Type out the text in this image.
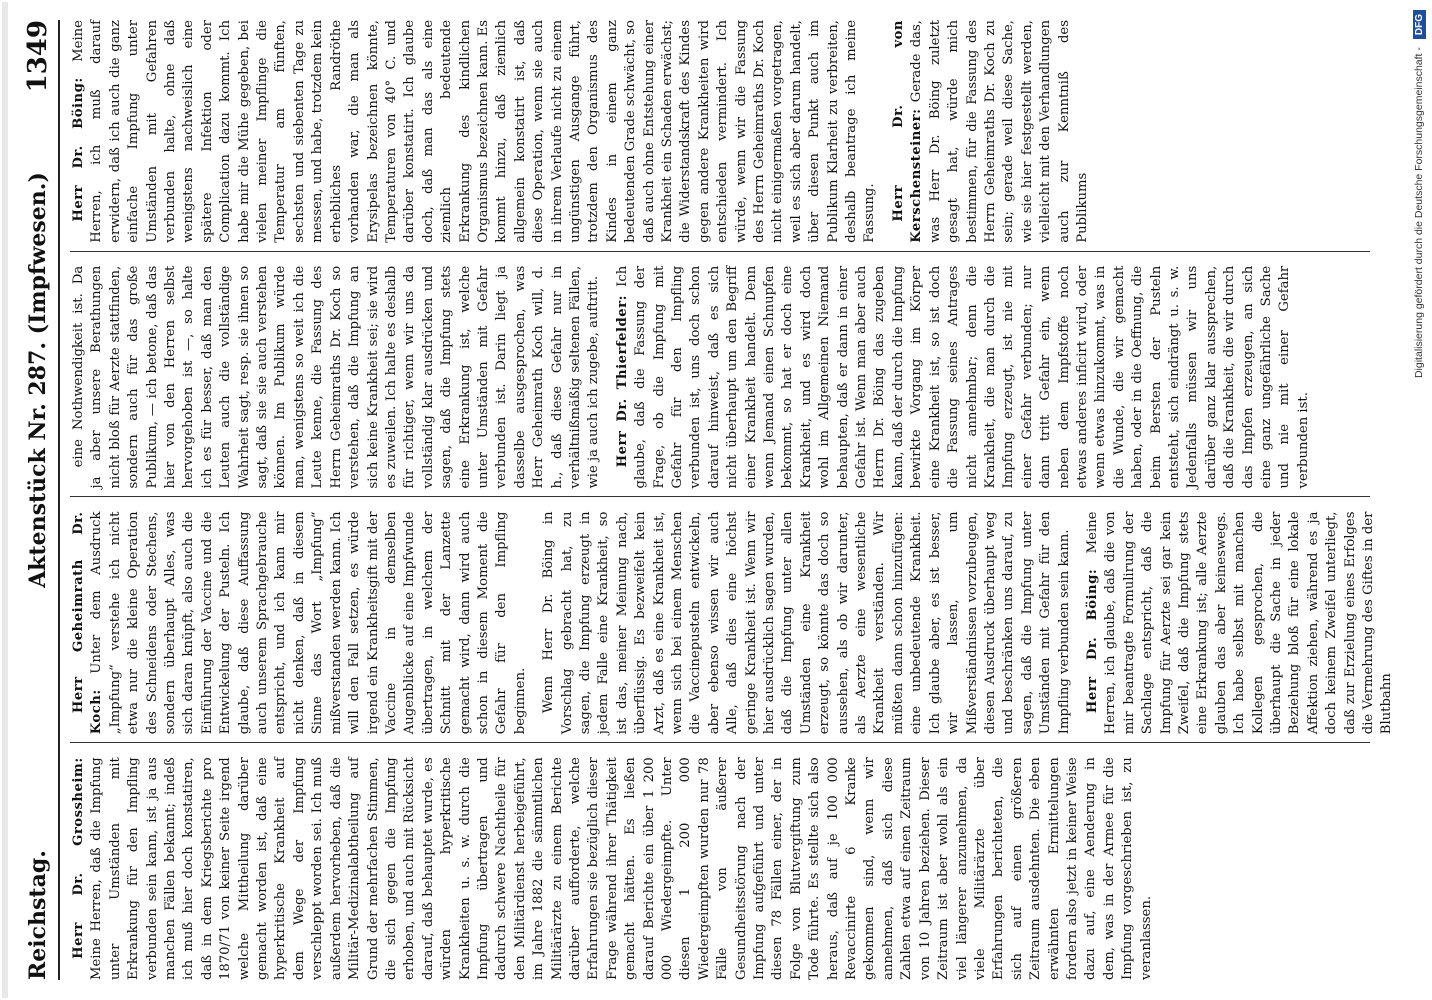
Reichstag.
Aktenstück Nr. 287. (Impfwesen.)
1349

Herr Dr. Grossheim: Meine Herren, daß die Impfung unter Umständen mit Erkrankung für den Impfling verbunden sein kann, ist ja aus manchen Fällen bekannt; indeß ich muß hier doch konstatiren, daß in dem Kriegsberichte pro 1870/71 von keiner Seite irgend welche Mittheilung darüber gemacht worden ist, daß eine hyperkritische Krankheit auf dem Wege der Impfung verschleppt worden sei. Ich muß außerdem hervorheben, daß die Militär-Medizinalabtheilung auf Grund der mehrfachen Stimmen, die sich gegen die Impfung erhoben, und auch mit Rücksicht darauf, daß behauptet wurde, es würden hyperkritische Krankheiten u. s. w. durch die Impfung übertragen und dadurch schwere Nachtheile für den Militärdienst herbeigeführt, im Jahre 1882 die sämmtlichen Militärärzte zu einem Berichte darüber aufforderte, welche Erfahrungen sie bezüglich dieser Frage während ihrer Thätigkeit gemacht hätten. Es ließen darauf Berichte ein über 1 200 000 Wiedergeimpfte. Unter diesen 1 200 000 Wiedergeimpften wurden nur 78 Fälle von äußerer Gesundheitsstörung nach der Impfung aufgeführt und unter diesen 78 Fällen einer, der in Folge von Blutvergiftung zum Tode führte. Es stellte sich also heraus, daß auf je 100 000 Revaccinirte 6 Kranke gekommen sind, wenn wir annehmen, daß sich diese Zahlen etwa auf einen Zeitraum von 10 Jahren beziehen. Dieser Zeitraum ist aber wohl als ein viel längerer anzunehmen, da viele Militärärzte über Erfahrungen berichteten, die sich auf einen größeren Zeitraum ausdehnten. Die eben erwähnten Ermittelungen fordern also jetzt in keiner Weise dazu auf, eine Aenderung in dem, was in der Armee für die Impfung vorgeschrieben ist, zu veranlassen.

Herr Geheimrath Dr. Koch: Unter dem Ausdruck „Impfung“ verstehe ich nicht etwa nur die kleine Operation des Schneidens oder Stechens, sondern überhaupt Alles, was sich daran knüpft, also auch die Einführung der Vaccine und die Entwickelung der Pusteln. Ich glaube, daß diese Auffassung auch unserem Sprachgebrauche entspricht, und ich kann mir nicht denken, daß in diesem Sinne das Wort „Impfung“ mißverstanden werden kann. Ich will den Fall setzen, es würde irgend ein Krankheitsgift mit der Vaccine in demselben Augenblicke auf eine Impfwunde übertragen, in welchem der Schnitt mit der Lanzette gemacht wird, dann wird auch schon in diesem Moment die Gefahr für den Impfling beginnen. Wenn Herr Dr. Böing in Vorschlag gebracht hat, zu sagen, die Impfung erzeugt in jedem Falle eine Krankheit, so ist das, meiner Meinung nach, überflüssig. Es bezweifelt kein Arzt, daß es eine Krankheit ist, wenn sich bei einem Menschen die Vaccinepusteln entwickeln, aber ebenso wissen wir auch Alle, daß dies eine höchst geringe Krankheit ist. Wenn wir hier ausdrücklich sagen wurden, daß die Impfung unter allen Umständen eine Krankheit erzeugt, so könnte das doch so aussehen, als ob wir darunter, als Aerzte eine wesentliche Krankheit verständen. Wir müßten dann schon hinzufügen: eine unbedeutende Krankheit. Ich glaube aber, es ist besser, wir lassen, um Mißverständnissen vorzubeugen, diesen Ausdruck überhaupt weg und beschränken uns darauf, zu sagen, daß die Impfung unter Umständen mit Gefahr für den Impfling verbunden sein kann. Herr Dr. Böing: Meine Herren, ich glaube, daß die von mir beantragte Formulirung der Sachlage entspricht, daß die Impfung für Aerzte sei gar kein Zweifel, daß die Impfung stets eine Erkrankung ist; alle Aerzte glauben das aber keineswegs. Ich habe selbst mit manchen Kollegen gesprochen, die überhaupt die Sache in jeder Beziehung bloß für eine lokale Affektion ziehen, während es ja doch keinem Zweifel unterliegt, daß zur Erzielung eines Erfolges die Vermehrung des Giftes in der Blutbahn

eine Nothwendigkeit ist. Da ja aber unsere Berathungen nicht bloß für Aerzte stattfinden, sondern auch für das große Publikum, — ich betone, daß das hier von den Herren selbst hervorgehoben ist —, so halte ich es für besser, daß man den Leuten auch die vollständige Wahrheit sagt, resp. sie ihnen so sagt, daß sie sie auch verstehen können. Im Publikum würde man, wenigstens so weit ich die Leute kenne, die Fassung des Herrn Geheimraths Dr. Koch so verstehen, daß die Impfung an sich keine Krankheit sei; sie wird es zuweilen. Ich halte es deshalb für richtiger, wenn wir uns da vollständig klar ausdrücken und sagen, daß die Impfung stets eine Erkrankung ist, welche unter Umständen mit Gefahr verbunden ist. Darin liegt ja dasselbe ausgesprochen, was Herr Geheimrath Koch will, d. h., daß diese Gefahr nur in verhältnißmäßig seltenen Fällen, wie ja auch ich zugebe, auftritt. Herr Dr. Thierfelder: Ich glaube, daß die Fassung der Frage, ob die Impfung mit Gefahr für den Impfling verbunden ist, uns doch schon darauf hinweist, daß es sich nicht überhaupt um den Begriff einer Krankheit handelt. Denn wenn Jemand einen Schnupfen bekommt, so hat er doch eine Krankheit, und es wird doch wohl im Allgemeinen Niemand behaupten, daß er dann in einer Gefahr ist. Wenn man aber auch Herrn Dr. Böing das zugeben kann, daß der durch die Impfung bewirkte Vorgang im Körper eine Krankheit ist, so ist doch die Fassung seines Antrages nicht annehmbar; denn die Krankheit, die man durch die Impfung erzeugt, ist nie mit einer Gefahr verbunden; nur dann tritt Gefahr ein, wenn neben dem Impfstoffe noch etwas anderes inficirt wird, oder wenn etwas hinzukommt, was in die Wunde, die wir gemacht haben, oder in die Oeffnung, die beim Bersten der Pusteln entsteht, sich eindrängt u. s. w. Jedenfalls müssen wir uns darüber ganz klar aussprechen, daß die Krankheit, die wir durch das Impfen erzeugen, an sich eine ganz ungefährliche Sache und nie mit einer Gefahr verbunden ist.

Herr Dr. Böing: Meine Herren, ich muß darauf erwidern, daß ich auch die ganz einfache Impfung unter Umständen mit Gefahren verbunden halte, ohne daß wenigstens nachweislich eine spätere Infektion oder Complication dazu kommt. Ich habe mir die Mühe gegeben, bei vielen meiner Impflinge die Temperatur am fünften, sechsten und siebenten Tage zu messen, und habe, trotzdem kein erhebliches Randröthe vorhanden war, die man als Erysipelas bezeichnen könnte, Temperaturen von 40° C. und darüber konstatirt. Ich glaube doch, daß man das als eine ziemlich bedeutende Erkrankung des kindlichen Organismus bezeichnen kann. Es kommt hinzu, daß ziemlich allgemein konstatirt ist, daß diese Operation, wenn sie auch in ihrem Verlaufe nicht zu einem ungünstigen Ausgange führt, trotzdem den Organismus des Kindes in einem ganz bedeutenden Grade schwächt, so daß auch ohne Entstehung einer Krankheit ein Schaden erwächst; die Widerstandskraft des Kindes gegen andere Krankheiten wird entschieden vermindert. Ich würde, wenn wir die Fassung des Herrn Geheimraths Dr. Koch nicht einigermaßen vorgetragen, weil es sich aber darum handelt, über diesen Punkt auch im Publikum Klarheit zu verbreiten, deshalb beantrage ich meine Fassung. Herr Dr. von Kerschensteiner: Gerade das, was Herr Dr. Böing zuletzt gesagt hat, würde mich bestimmen, für die Fassung des Herrn Geheimraths Dr. Koch zu sein; gerade weil diese Sache, wie sie hier festgestellt werden, vielleicht mit den Verhandlungen auch zur Kenntniß des Publikums	Digitalisierung gefördert durch die Deutsche Forschungsgemeinschaft -
DFG
